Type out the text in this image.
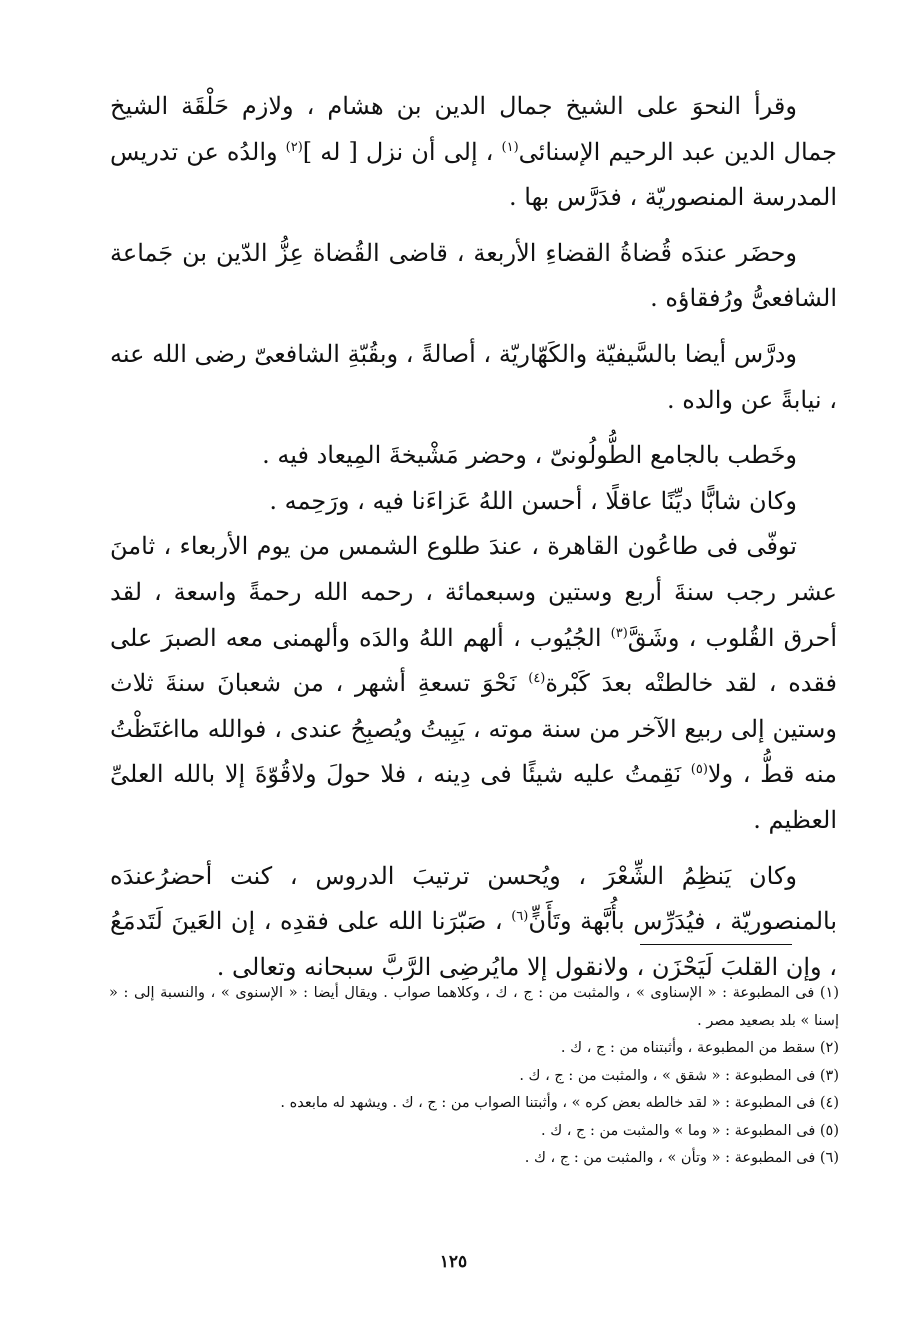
وقرأ النحوَ على الشيخ جمال الدين بن هشام ، ولازم حَلْقَة الشيخ جمال الدين عبد الرحيم الإسنائى$^{(١)}$ ، إلى أن نزل [ له ]$^{(٢)}$ والدُه عن تدريس المدرسة المنصوريّة ، فدَرَّس بها .

وحضَر عندَه قُضاةُ القضاءِ الأربعة ، قاضى القُضاة عِزُّ الدّين بن جَماعة الشافعىُّ ورُفقاؤه .

ودرَّس أيضا بالسَّيفيّة والكَهّاريّة ، أصالةً ، وبقُبّةِ الشافعىّ رضى الله عنه ، نيابةً عن والده .

وخَطب بالجامع الطُّولُونىّ ، وحضر مَشْيخةَ المِيعاد فيه .

وكان شابًّا ديِّنًا عاقلًا ، أحسن اللهُ عَزاءَنا فيه ، ورَحِمه .

توفّى فى طاعُون القاهرة ، عندَ طلوع الشمس من يوم الأربعاء ، ثامنَ عشر رجب سنةَ أربع وستين وسبعمائة ، رحمه الله رحمةً واسعة ، لقد أحرق القُلوب ، وشَقَّ$^{(٣)}$ الجُيُوب ، ألهم اللهُ والدَه وألهمنى معه الصبرَ على فقده ، لقد خالطتْه بعدَ كَبْرة$^{(٤)}$ نَحْوَ تسعةِ أشهر ، من شعبانَ سنةَ ثلاث وستين إلى ربيع الآخر من سنة موته ، يَبِيتُ ويُصبِحُ عندى ، فوالله مااغتَظْتُ منه قطُّ ، ولا$^{(٥)}$ نَقِمتُ عليه شيئًا فى دِينه ، فلا حولَ ولاقُوّةَ إلا بالله العلىِّ العظيم .

وكان يَنظِمُ الشِّعْرَ ، ويُحسن ترتيبَ الدروس ، كنت أحضرُعندَه بالمنصوريّة ، فيُدَرِّس بأُبَّهة وتَأَنٍّ$^{(٦)}$ ، صَبّرَنا الله على فقدِه ، إن العَينَ لَتَدمَعُ ، وإن القلبَ لَيَحْزَن ، ولانقول إلا مايُرضِى الرَّبَّ سبحانه وتعالى .

(١) فى المطبوعة : « الإسناوى » ، والمثبت من : ج ، ك ، وكلاهما صواب . ويقال أيضا : « الإسنوى » ، والنسبة إلى : « إسنا » بلد بصعيد مصر .

(٢) سقط من المطبوعة ، وأثبتناه من : ج ، ك .

(٣) فى المطبوعة : « شقق » ، والمثبت من : ج ، ك .

(٤) فى المطبوعة : « لقد خالطه بعض كره » ، وأثبتنا الصواب من : ج ، ك . ويشهد له مابعده .

(٥) فى المطبوعة : « وما » والمثبت من : ج ، ك .

(٦) فى المطبوعة : « وتأن » ، والمثبت من : ج ، ك .

١٢٥
